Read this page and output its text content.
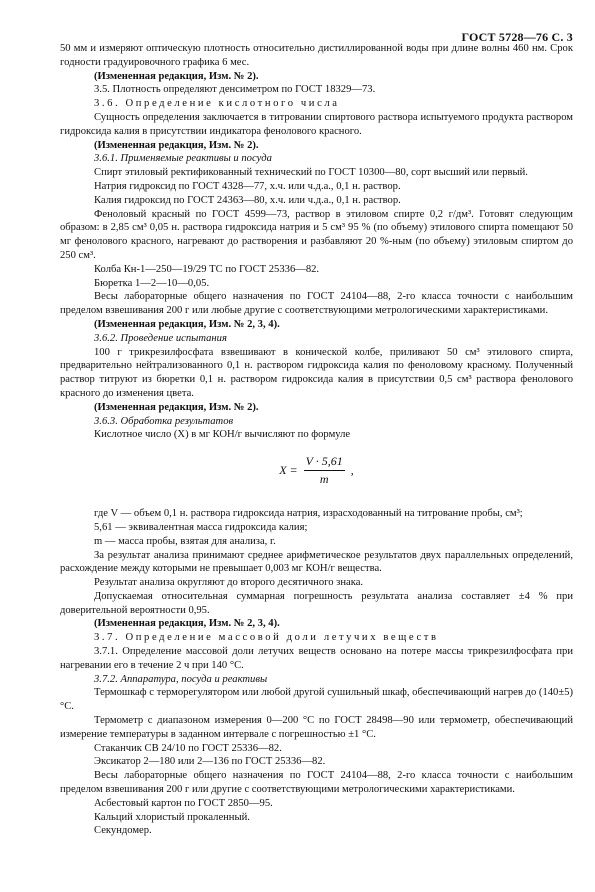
ГОСТ 5728—76 С. 3

50 мм и измеряют оптическую плотность относительно дистиллированной воды при длине волны 460 нм. Срок годности градуировочного графика 6 мес.

(Измененная редакция, Изм. № 2).

3.5. Плотность определяют денсиметром по ГОСТ 18329—73.

3.6. Определение кислотного числа

Сущность определения заключается в титровании спиртового раствора испытуемого продукта раствором гидроксида калия в присутствии индикатора фенолового красного.

(Измененная редакция, Изм. № 2).

3.6.1. Применяемые реактивы и посуда

Спирт этиловый ректификованный технический по ГОСТ 10300—80, сорт высший или первый.

Натрия гидроксид по ГОСТ 4328—77, х.ч. или ч.д.а., 0,1 н. раствор.

Калия гидроксид по ГОСТ 24363—80, х.ч. или ч.д.а., 0,1 н. раствор.

Феноловый красный по ГОСТ 4599—73, раствор в этиловом спирте 0,2 г/дм³. Готовят следующим образом: в 2,85 см³ 0,05 н. раствора гидроксида натрия и 5 см³ 95 % (по объему) этилового спирта помещают 50 мг фенолового красного, нагревают до растворения и разбавляют 20 %-ным (по объему) этиловым спиртом до 250 см³.

Колба Кн-1—250—19/29 ТС по ГОСТ 25336—82.

Бюретка 1—2—10—0,05.

Весы лабораторные общего назначения по ГОСТ 24104—88, 2-го класса точности с наибольшим пределом взвешивания 200 г или любые другие с соответствующими метрологическими характеристиками.

(Измененная редакция, Изм. № 2, 3, 4).

3.6.2. Проведение испытания

100 г трикрезилфосфата взвешивают в конической колбе, приливают 50 см³ этилового спирта, предварительно нейтрализованного 0,1 н. раствором гидроксида калия по феноловому красному. Полученный раствор титруют из бюретки 0,1 н. раствором гидроксида калия в присутствии 0,5 см³ раствора фенолового красного до изменения цвета.

(Измененная редакция, Изм. № 2).

3.6.3. Обработка результатов

Кислотное число (X) в мг КОН/г вычисляют по формуле

$X = \frac{V \cdot 5,61}{m}$ ,

где V — объем 0,1 н. раствора гидроксида натрия, израсходованный на титрование пробы, см³;

5,61 — эквивалентная масса гидроксида калия;

m — масса пробы, взятая для анализа, г.

За результат анализа принимают среднее арифметическое результатов двух параллельных определений, расхождение между которыми не превышает 0,003 мг КОН/г вещества.

Результат анализа округляют до второго десятичного знака.

Допускаемая относительная суммарная погрешность результата анализа составляет ±4 % при доверительной вероятности 0,95.

(Измененная редакция, Изм. № 2, 3, 4).

3.7. Определение массовой доли летучих веществ

3.7.1. Определение массовой доли летучих веществ основано на потере массы трикрезилфосфата при нагревании его в течение 2 ч при 140 °С.

3.7.2. Аппаратура, посуда и реактивы

Термошкаф с терморегулятором или любой другой сушильный шкаф, обеспечивающий нагрев до (140±5) °С.

Термометр с диапазоном измерения 0—200 °С по ГОСТ 28498—90 или термометр, обеспечивающий измерение температуры в заданном интервале с погрешностью ±1 °С.

Стаканчик СВ 24/10 по ГОСТ 25336—82.

Эксикатор 2—180 или 2—136 по ГОСТ 25336—82.

Весы лабораторные общего назначения по ГОСТ 24104—88, 2-го класса точности с наибольшим пределом взвешивания 200 г или другие с соответствующими метрологическими характеристиками.

Асбестовый картон по ГОСТ 2850—95.

Кальций хлористый прокаленный.

Секундомер.
